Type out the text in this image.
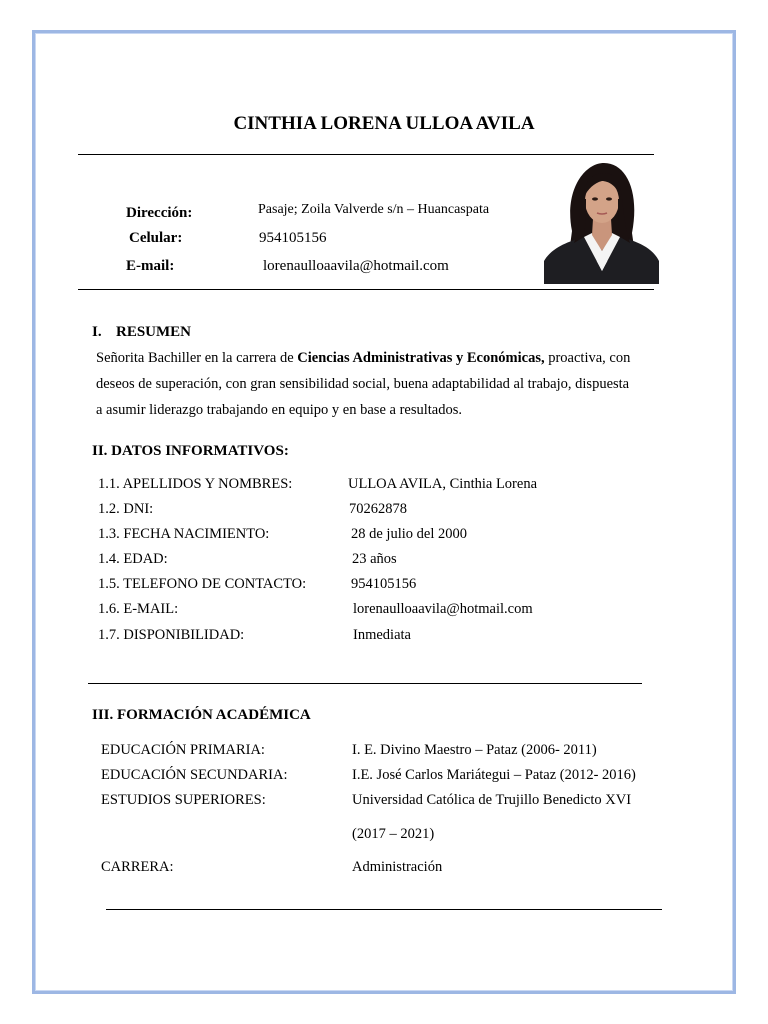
CINTHIA LORENA ULLOA AVILA
Dirección:	Pasaje; Zoila Valverde s/n – Huancaspata
Celular:	954105156
E-mail:	lorenaulloaavila@hotmail.com
I. RESUMEN
Señorita Bachiller en la carrera de Ciencias Administrativas y Económicas, proactiva, con
deseos de superación, con gran sensibilidad social, buena adaptabilidad al trabajo, dispuesta
a asumir liderazgo trabajando en equipo y en base a resultados.
II. DATOS INFORMATIVOS:
1.1. APELLIDOS Y NOMBRES:	ULLOA AVILA, Cinthia Lorena
1.2. DNI:	70262878
1.3. FECHA NACIMIENTO:	28 de julio del 2000
1.4. EDAD:	23 años
1.5. TELEFONO DE CONTACTO:	954105156
1.6. E-MAIL:	lorenaulloaavila@hotmail.com
1.7. DISPONIBILIDAD:	Inmediata
III. FORMACIÓN ACADÉMICA
EDUCACIÓN PRIMARIA:	I. E. Divino Maestro – Pataz (2006- 2011)
EDUCACIÓN SECUNDARIA:	I.E. José Carlos Mariátegui – Pataz (2012- 2016)
ESTUDIOS SUPERIORES:	Universidad Católica de Trujillo Benedicto XVI
(2017 – 2021)
CARRERA:	Administración
